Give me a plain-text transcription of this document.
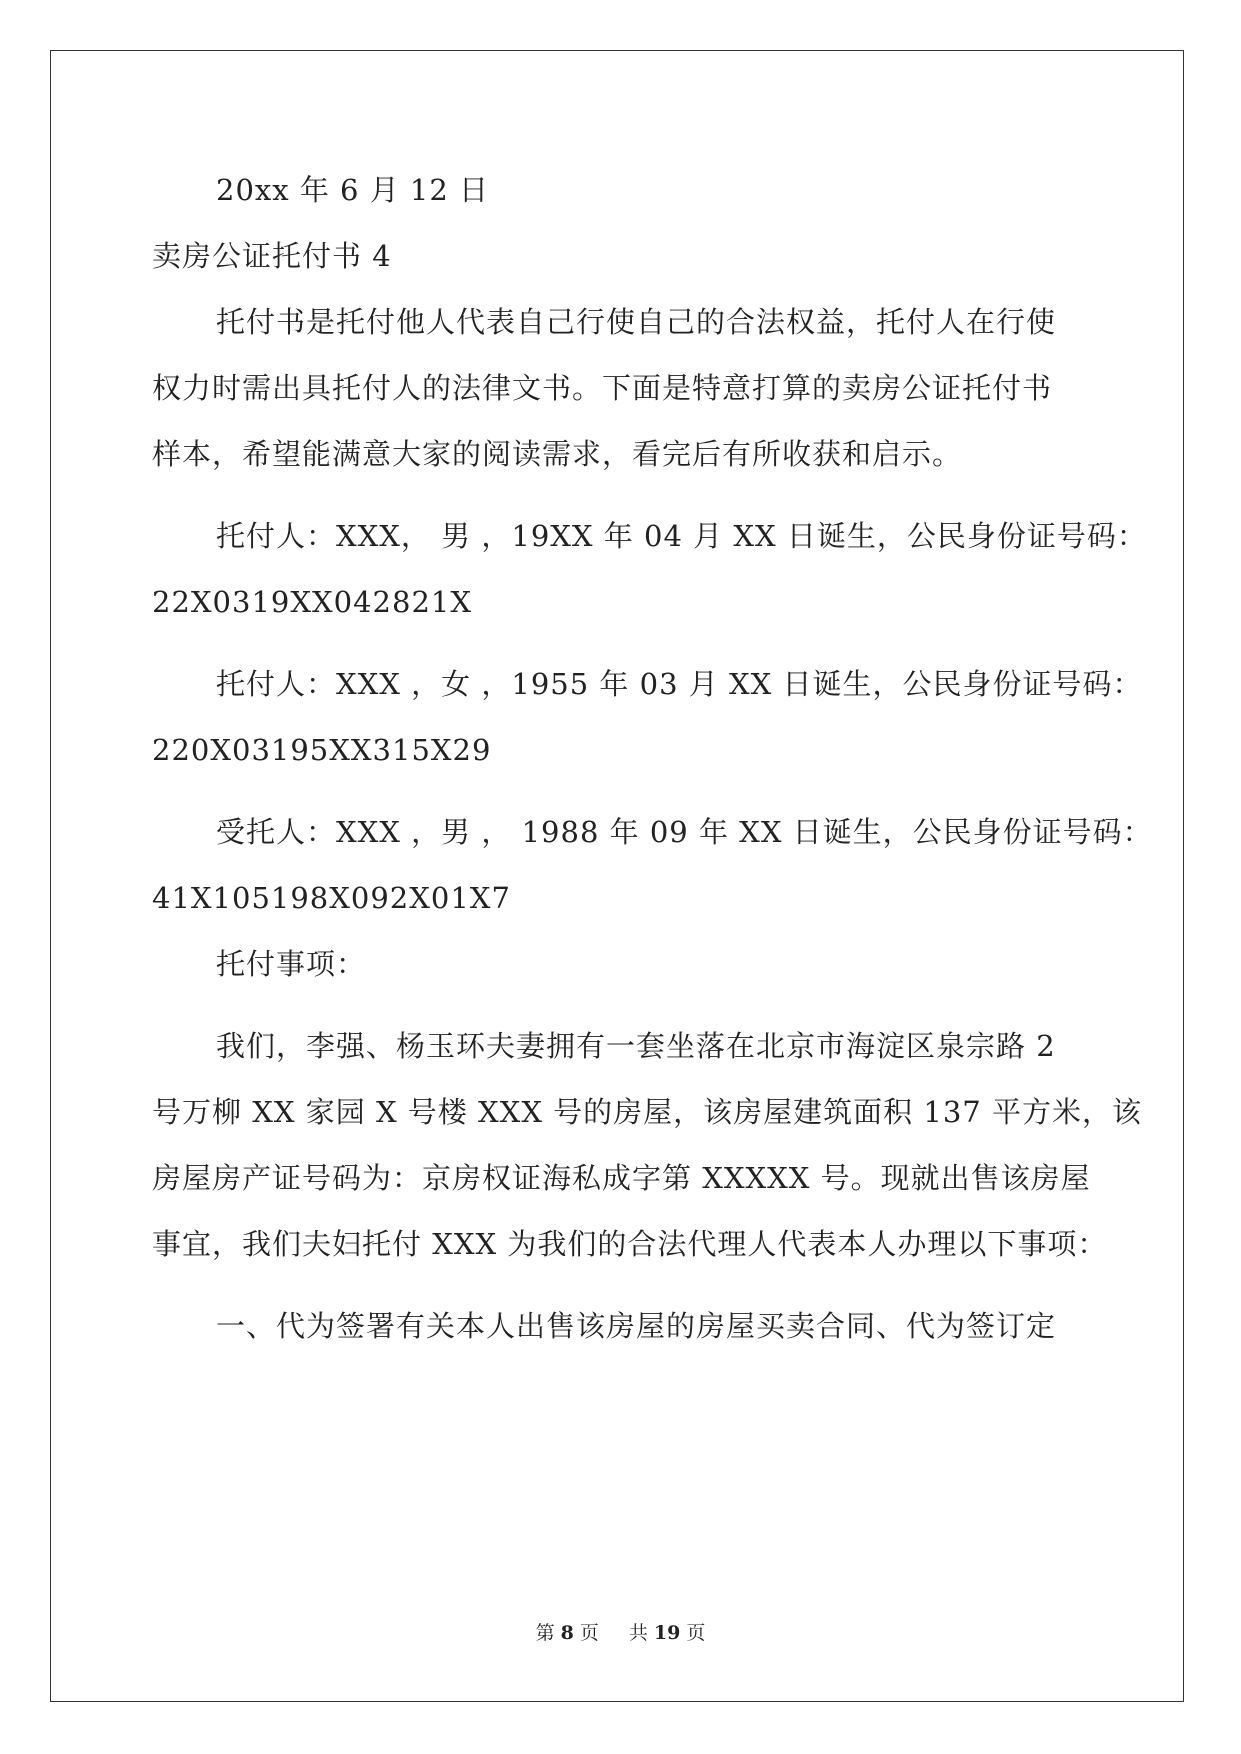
20xx 年 6 月 12 日
卖房公证托付书 4
托付书是托付他人代表自己行使自己的合法权益，托付人在行使
权力时需出具托付人的法律文书。下面是特意打算的卖房公证托付书
样本，希望能满意大家的阅读需求，看完后有所收获和启示。
托付人：XXX， 男 ，19XX 年 04 月 XX 日诞生，公民身份证号码：
22X0319XX042821X
托付人：XXX ，女 ，1955 年 03 月 XX 日诞生，公民身份证号码：
220X03195XX315X29
受托人：XXX ，男 ， 1988 年 09 年 XX 日诞生，公民身份证号码：
41X105198X092X01X7
托付事项：
我们，李强、杨玉环夫妻拥有一套坐落在北京市海淀区泉宗路 2
号万柳 XX 家园 X 号楼 XXX 号的房屋，该房屋建筑面积 137 平方米，该
房屋房产证号码为：京房权证海私成字第 XXXXX 号。现就出售该房屋
事宜，我们夫妇托付 XXX 为我们的合法代理人代表本人办理以下事项：
一、代为签署有关本人出售该房屋的房屋买卖合同、代为签订定
第 8 页 共 19 页
